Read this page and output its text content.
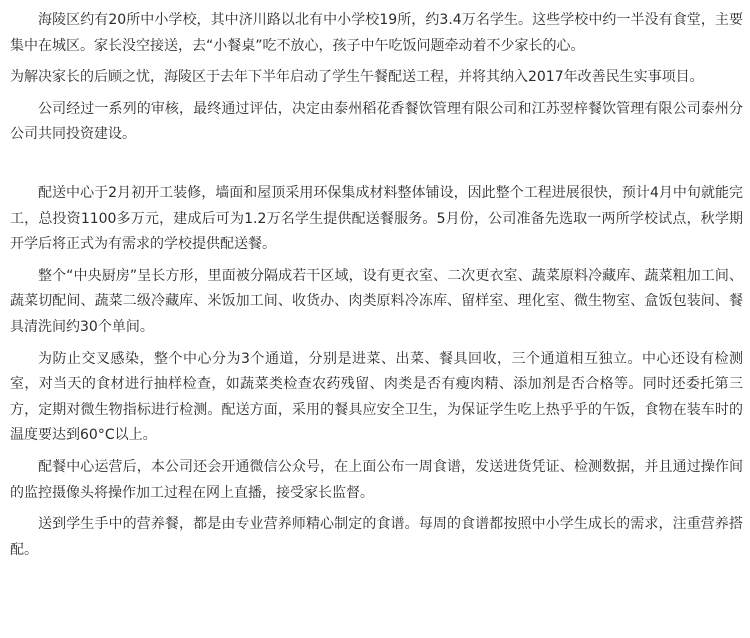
海陵区约有20所中小学校，其中济川路以北有中小学校19所，约3.4万名学生。这些学校中约一半没有食堂，主要集中在城区。家长没空接送，去“小餐桌”吃不放心，孩子中午吃饭问题牵动着不少家长的心。

为解决家长的后顾之忧，海陵区于去年下半年启动了学生午餐配送工程，并将其纳入2017年改善民生实事项目。

公司经过一系列的审核，最终通过评估，决定由泰州稻花香餐饮管理有限公司和江苏翌梓餐饮管理有限公司泰州分公司共同投资建设。

配送中心于2月初开工装修，墙面和屋顶采用环保集成材料整体铺设，因此整个工程进展很快，预计4月中旬就能完工，总投资1100多万元，建成后可为1.2万名学生提供配送餐服务。5月份，公司准备先选取一两所学校试点，秋学期开学后将正式为有需求的学校提供配送餐。

整个“中央厨房”呈长方形，里面被分隔成若干区域，设有更衣室、二次更衣室、蔬菜原料冷藏库、蔬菜粗加工间、蔬菜切配间、蔬菜二级冷藏库、米饭加工间、收货办、肉类原料冷冻库、留样室、理化室、微生物室、盒饭包装间、餐具清洗间约30个单间。

为防止交叉感染，整个中心分为3个通道，分别是进菜、出菜、餐具回收，三个通道相互独立。中心还设有检测室，对当天的食材进行抽样检查，如蔬菜类检查农药残留、肉类是否有瘦肉精、添加剂是否合格等。同时还委托第三方，定期对微生物指标进行检测。配送方面，采用的餐具应安全卫生，为保证学生吃上热乎乎的午饭，食物在装车时的温度要达到60°C以上。

配餐中心运营后，本公司还会开通微信公众号，在上面公布一周食谱，发送进货凭证、检测数据，并且通过操作间的监控摄像头将操作加工过程在网上直播，接受家长监督。

送到学生手中的营养餐，都是由专业营养师精心制定的食谱。每周的食谱都按照中小学生成长的需求，注重营养搭配。
